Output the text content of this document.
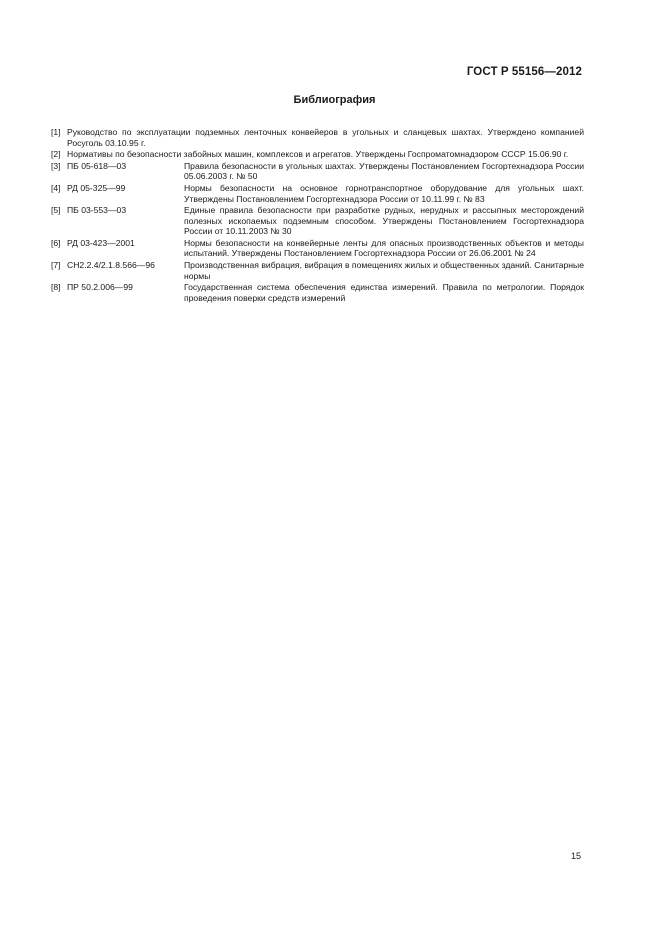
ГОСТ Р 55156—2012
Библиография
[1] Руководство по эксплуатации подземных ленточных конвейеров в угольных и сланцевых шахтах. Утверждено компанией Росуголь 03.10.95 г.
[2] Нормативы по безопасности забойных машин, комплексов и агрегатов. Утверждены Госпроматомнадзором СССР 15.06.90 г.
[3] ПБ 05-618—03	Правила безопасности в угольных шахтах. Утверждены Постановлением Госгортехнадзора России 05.06.2003 г. № 50
[4] РД 05-325—99	Нормы безопасности на основное горнотранспортное оборудование для угольных шахт. Утверждены Постановлением Госгортехнадзора России от 10.11.99 г. № 83
[5] ПБ 03-553—03	Единые правила безопасности при разработке рудных, нерудных и рассыпных месторождений полезных ископаемых подземным способом. Утверждены Постановлением Госгортехнадзора России от 10.11.2003 № 30
[6] РД 03-423—2001	Нормы безопасности на конвейерные ленты для опасных производственных объектов и методы испытаний. Утверждены Постановлением Госгортехнадзора России от 26.06.2001 № 24
[7] СН2.2.4/2.1.8.566—96	Производственная вибрация, вибрация в помещениях жилых и общественных зданий. Санитарные нормы
[8] ПР 50.2.006—99	Государственная система обеспечения единства измерений. Правила по метрологии. Порядок проведения поверки средств измерений
15
